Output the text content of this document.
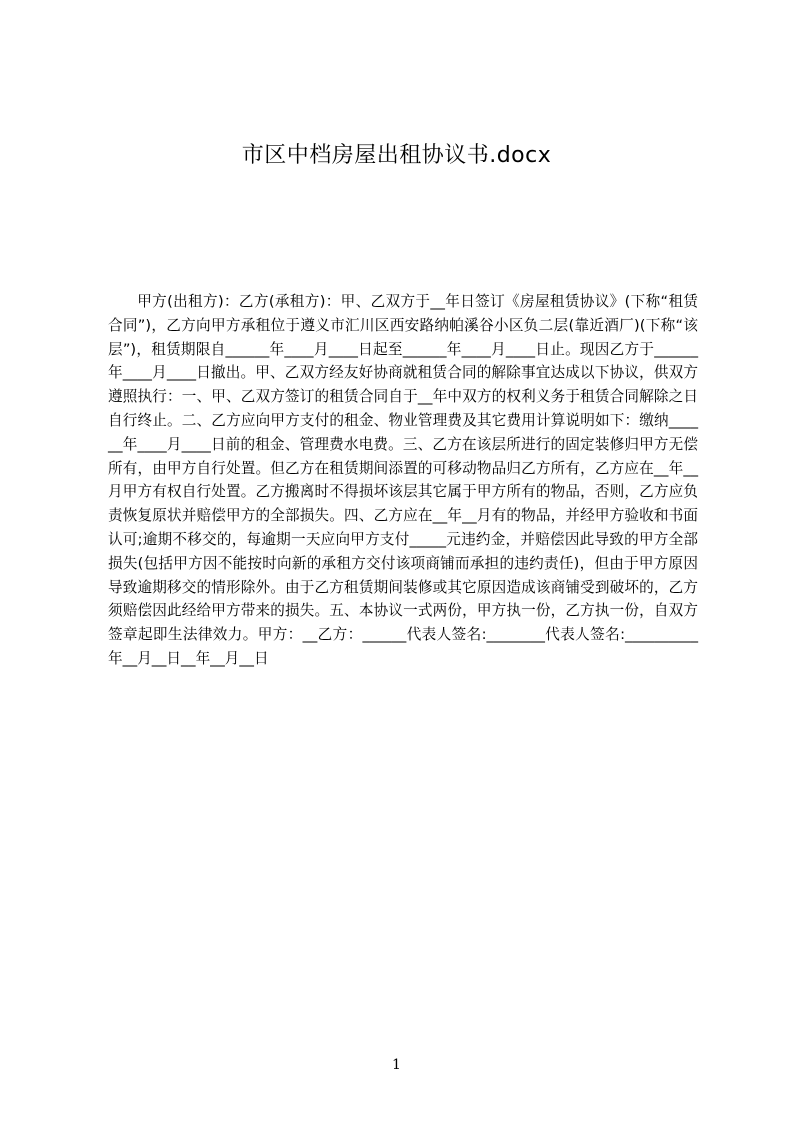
市区中档房屋出租协议书.docx

甲方(出租方)：乙方(承租方)：甲、乙双方于__年日签订《房屋租赁协议》(下称“租赁合同”)，乙方向甲方承租位于遵义市汇川区西安路纳帕溪谷小区负二层(靠近酒厂)(下称“该层”)，租赁期限自______年____月____日起至______年____月____日止。现因乙方于______年____月____日撤出。甲、乙双方经友好协商就租赁合同的解除事宜达成以下协议，供双方遵照执行：一、甲、乙双方签订的租赁合同自于__年中双方的权利义务于租赁合同解除之日自行终止。二、乙方应向甲方支付的租金、物业管理费及其它费用计算说明如下：缴纳______年____月____日前的租金、管理费水电费。三、乙方在该层所进行的固定装修归甲方无偿所有，由甲方自行处置。但乙方在租赁期间添置的可移动物品归乙方所有，乙方应在__年__月甲方有权自行处置。乙方搬离时不得损坏该层其它属于甲方所有的物品，否则，乙方应负责恢复原状并赔偿甲方的全部损失。四、乙方应在__年__月有的物品，并经甲方验收和书面认可;逾期不移交的，每逾期一天应向甲方支付_____元违约金，并赔偿因此导致的甲方全部损失(包括甲方因不能按时向新的承租方交付该项商铺而承担的违约责任)，但由于甲方原因导致逾期移交的情形除外。由于乙方租赁期间装修或其它原因造成该商铺受到破坏的，乙方须赔偿因此经给甲方带来的损失。五、本协议一式两份，甲方执一份，乙方执一份，自双方签章起即生法律效力。甲方：__乙方：______代表人签名:________代表人签名:__________年__月__日__年__月__日

1
